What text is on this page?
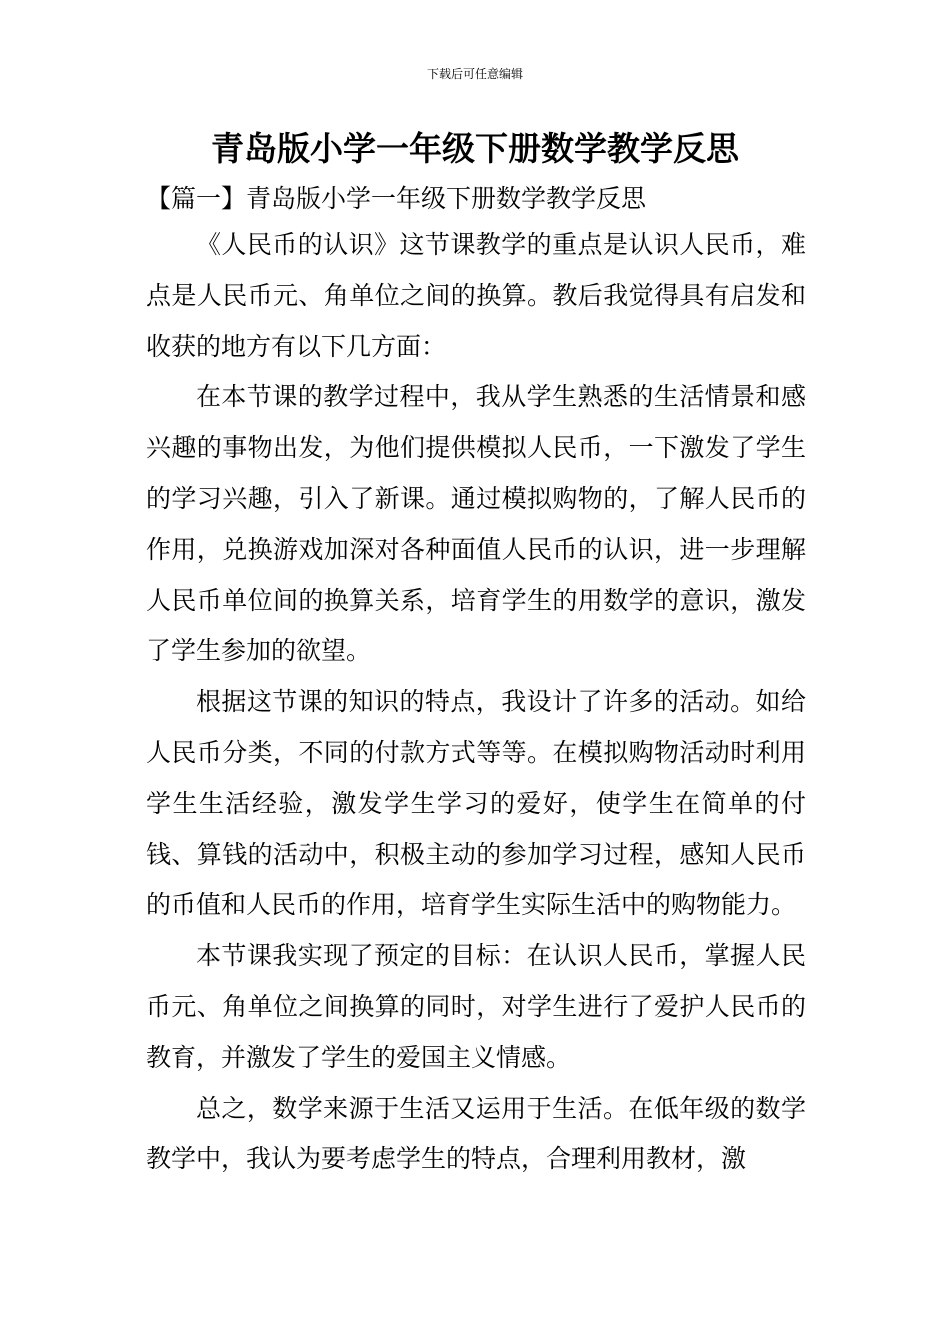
下载后可任意编辑
青岛版小学一年级下册数学教学反思
【篇一】青岛版小学一年级下册数学教学反思

《人民币的认识》这节课教学的重点是认识人民币，难点是人民币元、角单位之间的换算。教后我觉得具有启发和收获的地方有以下几方面：

在本节课的教学过程中，我从学生熟悉的生活情景和感兴趣的事物出发，为他们提供模拟人民币，一下激发了学生的学习兴趣，引入了新课。通过模拟购物的，了解人民币的作用，兑换游戏加深对各种面值人民币的认识，进一步理解人民币单位间的换算关系，培育学生的用数学的意识，激发了学生参加的欲望。

根据这节课的知识的特点，我设计了许多的活动。如给人民币分类，不同的付款方式等等。在模拟购物活动时利用学生生活经验，激发学生学习的爱好，使学生在简单的付钱、算钱的活动中，积极主动的参加学习过程，感知人民币的币值和人民币的作用，培育学生实际生活中的购物能力。

本节课我实现了预定的目标：在认识人民币，掌握人民币元、角单位之间换算的同时，对学生进行了爱护人民币的教育，并激发了学生的爱国主义情感。

总之，数学来源于生活又运用于生活。在低年级的数学教学中，我认为要考虑学生的特点，合理利用教材，激
